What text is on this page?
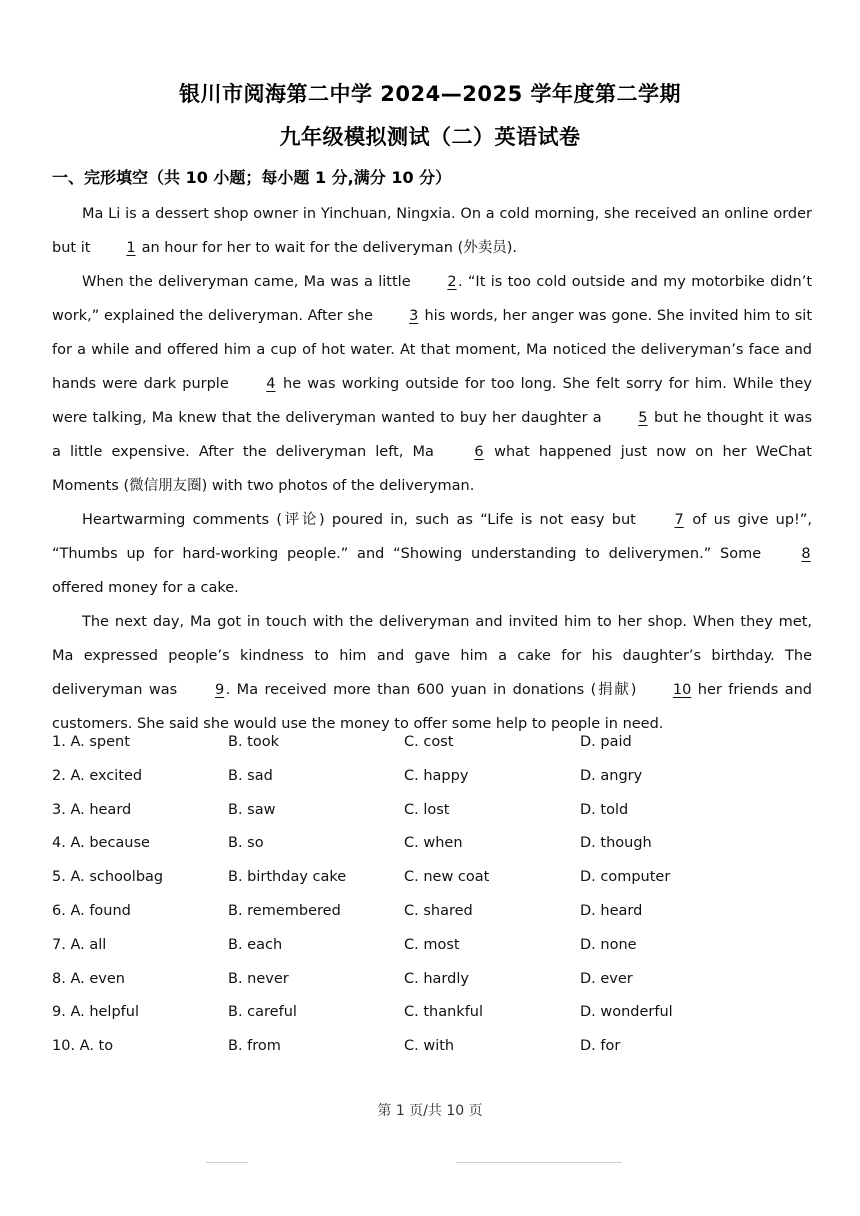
银川市阅海第二中学 2024—2025 学年度第二学期
九年级模拟测试（二）英语试卷
一、完形填空（共 10 小题；每小题 1 分,满分 10 分）

Ma Li is a dessert shop owner in Yinchuan, Ningxia. On a cold morning, she received an online order but it 1 an hour for her to wait for the deliveryman (外卖员).

When the deliveryman came, Ma was a little 2. “It is too cold outside and my motorbike didn’t work,” explained the deliveryman. After she 3 his words, her anger was gone. She invited him to sit for a while and offered him a cup of hot water. At that moment, Ma noticed the deliveryman’s face and hands were dark purple 4 he was working outside for too long. She felt sorry for him. While they were talking, Ma knew that the deliveryman wanted to buy her daughter a 5 but he thought it was a little expensive. After the deliveryman left, Ma 6 what happened just now on her WeChat Moments (微信朋友圈) with two photos of the deliveryman.

Heartwarming comments (评论) poured in, such as “Life is not easy but 7 of us give up!”, “Thumbs up for hard-working people.” and “Showing understanding to deliverymen.” Some 8 offered money for a cake.

The next day, Ma got in touch with the deliveryman and invited him to her shop. When they met, Ma expressed people’s kindness to him and gave him a cake for his daughter’s birthday. The deliveryman was 9. Ma received more than 600 yuan in donations (捐献) 10 her friends and customers. She said she would use the money to offer some help to people in need.

1. A. spent	B. took	C. cost	D. paid
2. A. excited	B. sad	C. happy	D. angry
3. A. heard	B. saw	C. lost	D. told
4. A. because	B. so	C. when	D. though
5. A. schoolbag	B. birthday cake	C. new coat	D. computer
6. A. found	B. remembered	C. shared	D. heard
7. A. all	B. each	C. most	D. none
8. A. even	B. never	C. hardly	D. ever
9. A. helpful	B. careful	C. thankful	D. wonderful
10. A. to	B. from	C. with	D. for
第 1 页/共 10 页
